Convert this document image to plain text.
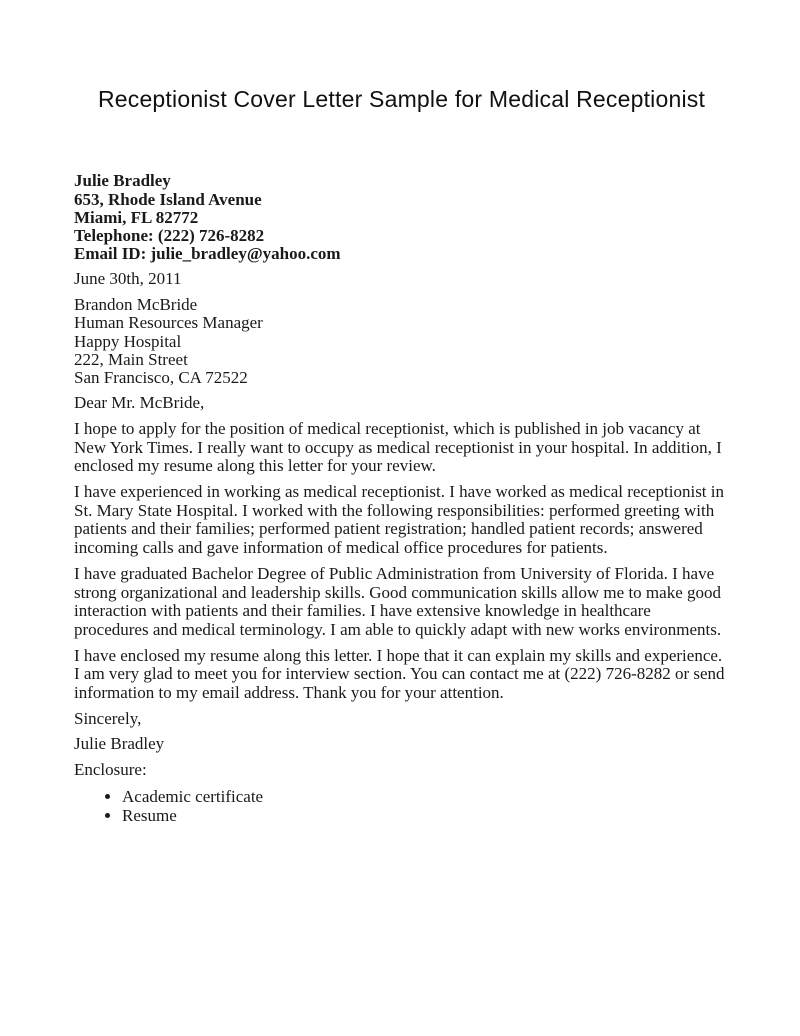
Receptionist Cover Letter Sample for Medical Receptionist
Julie Bradley
653, Rhode Island Avenue
Miami, FL 82772
Telephone: (222) 726-8282
Email ID: julie_bradley@yahoo.com

June 30th, 2011

Brandon McBride
Human Resources Manager
Happy Hospital
222, Main Street
San Francisco, CA 72522

Dear Mr. McBride,

I hope to apply for the position of medical receptionist, which is published in job vacancy at New York Times. I really want to occupy as medical receptionist in your hospital. In addition, I enclosed my resume along this letter for your review.

I have experienced in working as medical receptionist. I have worked as medical receptionist in St. Mary State Hospital. I worked with the following responsibilities: performed greeting with patients and their families; performed patient registration; handled patient records; answered incoming calls and gave information of medical office procedures for patients.

I have graduated Bachelor Degree of Public Administration from University of Florida. I have strong organizational and leadership skills. Good communication skills allow me to make good interaction with patients and their families. I have extensive knowledge in healthcare procedures and medical terminology. I am able to quickly adapt with new works environments.

I have enclosed my resume along this letter. I hope that it can explain my skills and experience. I am very glad to meet you for interview section. You can contact me at (222) 726-8282 or send information to my email address. Thank you for your attention.

Sincerely,

Julie Bradley

Enclosure:

• Academic certificate
• Resume
